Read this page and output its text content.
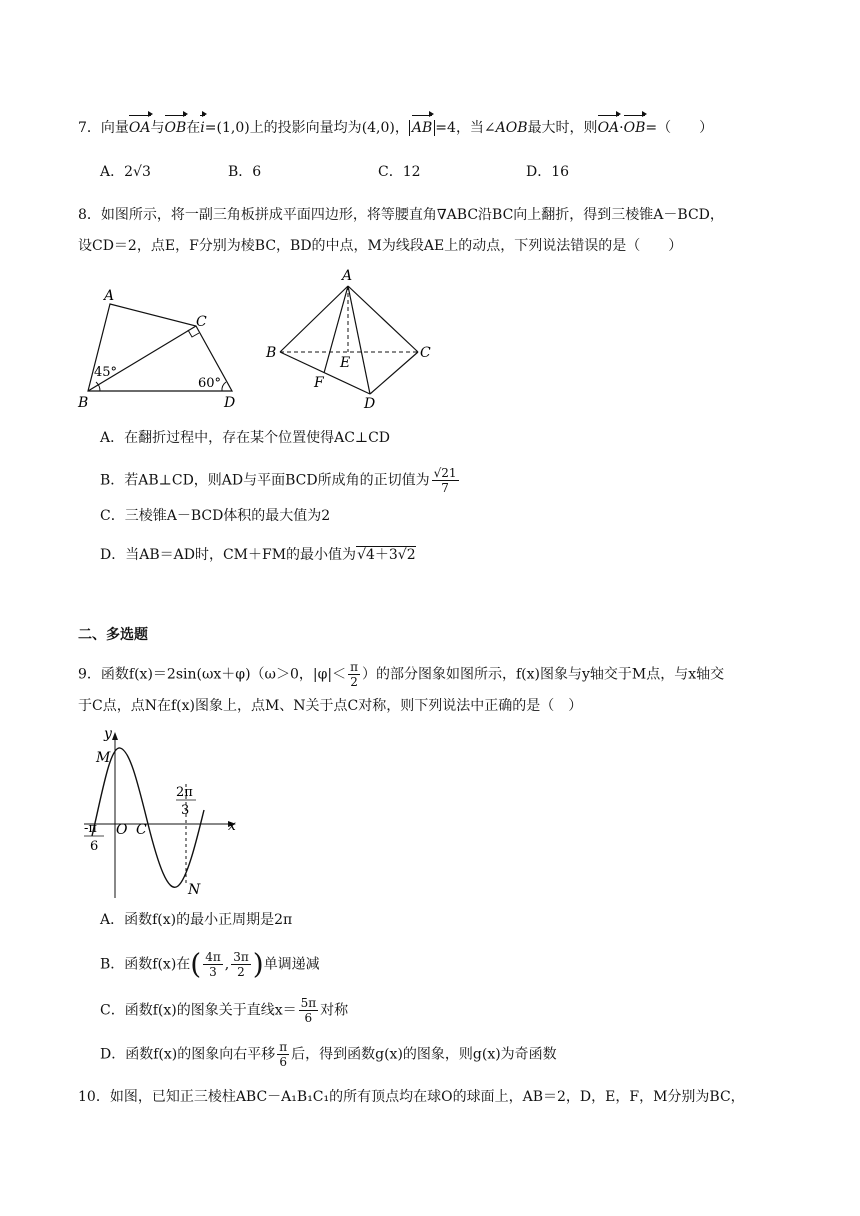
7．向量OA与OB在i=(1,0)上的投影向量均为(4,0)， AB =4，当∠AOB最大时，则OA·OB=（　　）
A．2√3	B．6	C．12	D．16
8．如图所示，将一副三角板拼成平面四边形，将等腰直角∇ABC沿BC向上翻折，得到三棱锥A－BCD，
设CD＝2，点E，F分别为棱BC，BD的中点，M为线段AE上的动点，下列说法错误的是（　　）
A
C
B	D
45°
60°
A
B	C
D
E
F
A．在翻折过程中，存在某个位置使得AC⊥CD
B．若AB⊥CD，则AD与平面BCD所成角的正切值为 $\frac{√21}{7}$
C．三棱锥A－BCD体积的最大值为2
D．当AB＝AD时，CM＋FM的最小值为√4＋3√2
二、多选题
9．函数f(x)＝2sin(ωx＋φ)（ω＞0，$|\varphi|< \frac{\pi}{2}$ ）的部分图象如图所示，f(x)图象与y轴交于M点，与x轴交
于C点，点N在f(x)图象上，点M、N关于点C对称，则下列说法中正确的是（　）
y
x
M
N
O C
2π
3
-π
6
A．函数f(x)的最小正周期是2π
B．函数f(x)在( $\frac{4\pi}{3}$ , $\frac{3\pi}{2}$ )单调递减
C．函数f(x)的图象关于直线$x= \frac{5\pi}{6}$ 对称
D．函数f(x)的图象向右平移 $\frac{\pi}{6}$ 后，得到函数g(x)的图象，则g(x)为奇函数
10．如图，已知正三棱柱ABC－A₁B₁C₁的所有顶点均在球O的球面上，AB＝2，D，E，F，M分别为BC，
